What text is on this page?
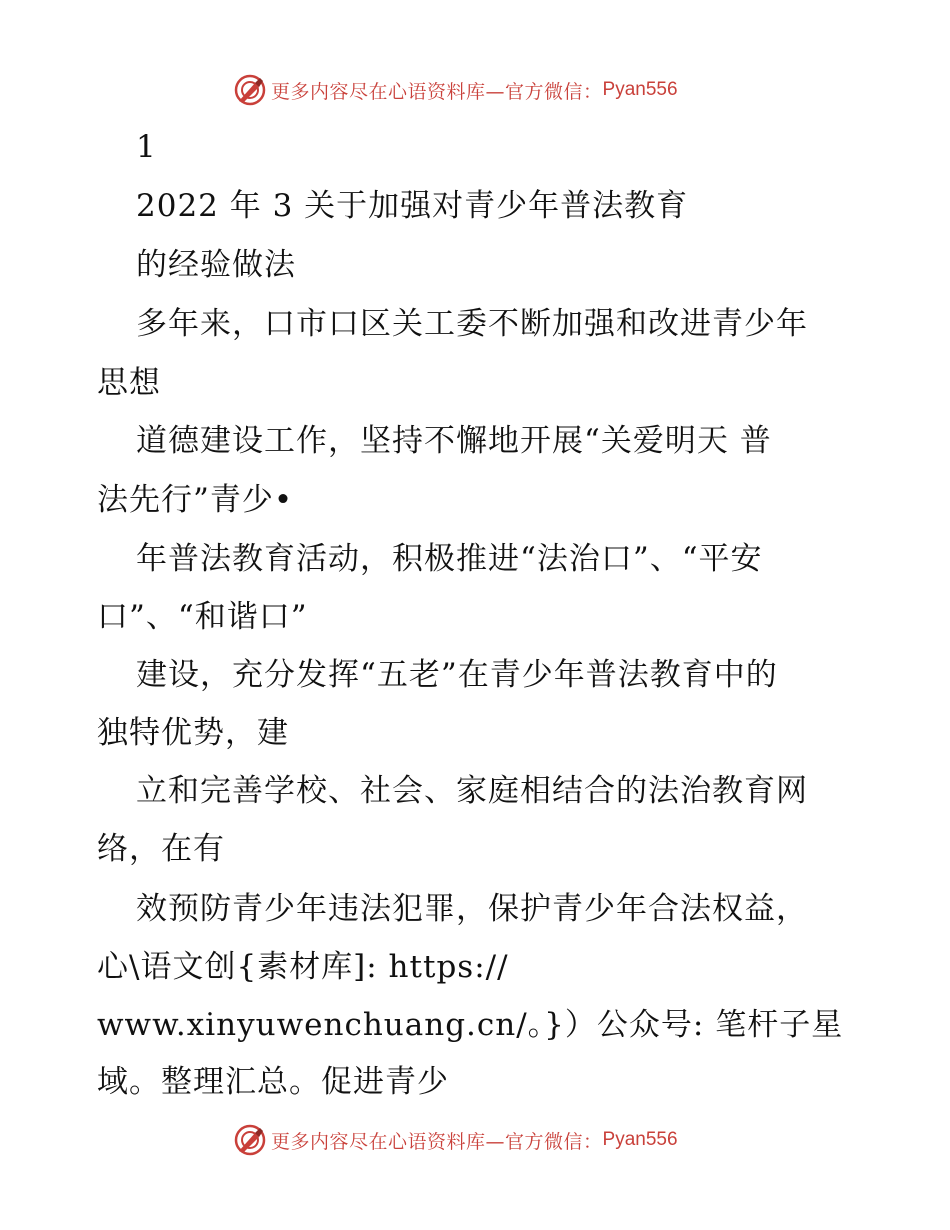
更多内容尽在心语资料库—官方微信： Pyan556

1

2022 年 3 关于加强对青少年普法教育

的经验做法

多年来，口市口区关工委不断加强和改进青少年

思想

道德建设工作，坚持不懈地开展“关爱明天 普

法先行”青少•

年普法教育活动，积极推进“法治口”、“平安

口”、“和谐口”

建设，充分发挥“五老”在青少年普法教育中的

独特优势，建

立和完善学校、社会、家庭相结合的法治教育网

络，在有

效预防青少年违法犯罪，保护青少年合法权益，

心\语文创{素材库]: https://

www.xinyuwenchuang.cn/。}）公众号: 笔杆子星

域。整理汇总。促进青少

更多内容尽在心语资料库—官方微信： Pyan556
